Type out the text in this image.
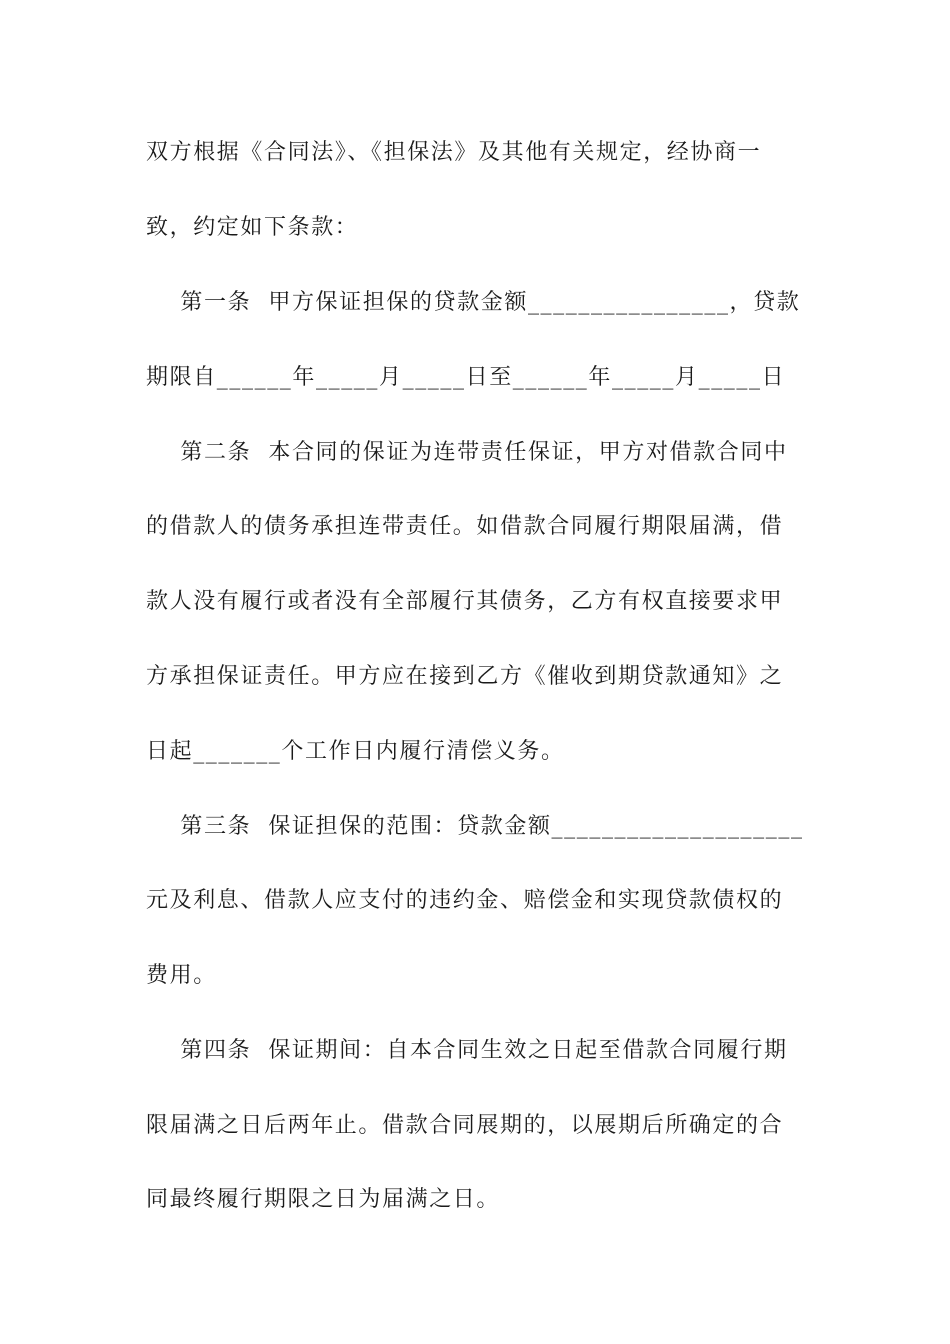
双方根据《合同法》、《担保法》及其他有关规定，经协商一
致，约定如下条款：
第一条  甲方保证担保的贷款金额________________，贷款
期限自______年_____月_____日至______年_____月_____日
第二条  本合同的保证为连带责任保证，甲方对借款合同中
的借款人的债务承担连带责任。如借款合同履行期限届满，借
款人没有履行或者没有全部履行其债务，乙方有权直接要求甲
方承担保证责任。甲方应在接到乙方《催收到期贷款通知》之
日起_______个工作日内履行清偿义务。
第三条  保证担保的范围：贷款金额____________________
元及利息、借款人应支付的违约金、赔偿金和实现贷款债权的
费用。
第四条  保证期间：自本合同生效之日起至借款合同履行期
限届满之日后两年止。借款合同展期的，以展期后所确定的合
同最终履行期限之日为届满之日。
